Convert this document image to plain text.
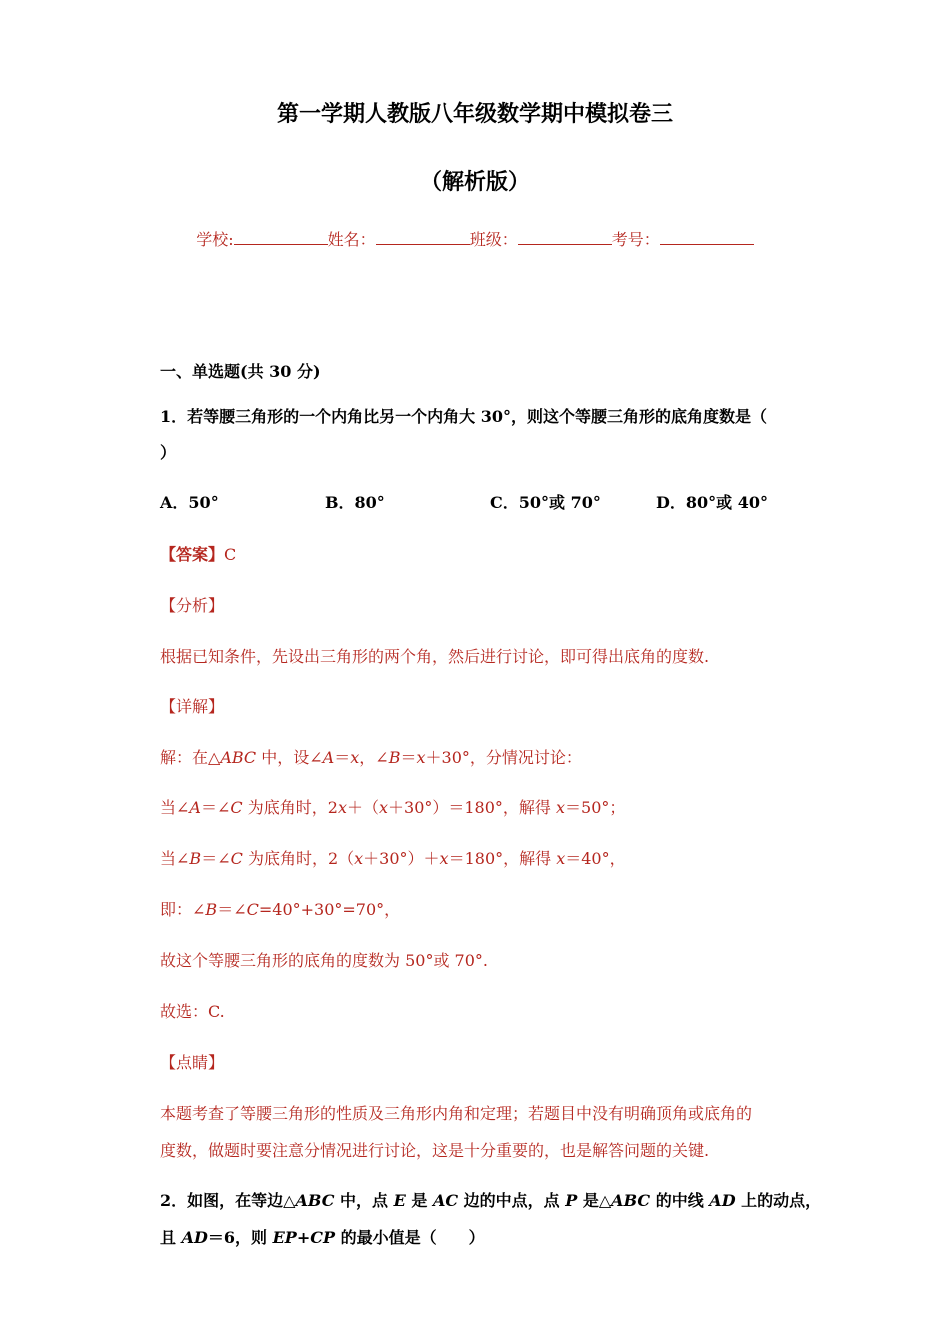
第一学期人教版八年级数学期中模拟卷三
（解析版）
学校:	姓名：	班级：	考号：
一、单选题(共 30 分)
1．若等腰三角形的一个内角比另一个内角大 30°，则这个等腰三角形的底角度数是（
）
A．50°	B．80°	C．50°或 70°	D．80°或 40°
【答案】C
【分析】
根据已知条件，先设出三角形的两个角，然后进行讨论，即可得出底角的度数.
【详解】
解：在△ABC 中，设∠A＝x，∠B＝x＋30°，分情况讨论：
当∠A＝∠C 为底角时，2x＋（x＋30°）＝180°，解得 x＝50°；
当∠B＝∠C 为底角时，2（x＋30°）＋x＝180°，解得 x＝40°，
即：∠B＝∠C=40°+30°=70°，
故这个等腰三角形的底角的度数为 50°或 70°.
故选：C.
【点睛】
本题考查了等腰三角形的性质及三角形内角和定理；若题目中没有明确顶角或底角的
度数，做题时要注意分情况进行讨论，这是十分重要的，也是解答问题的关键.
2．如图，在等边△ABC 中，点 E 是 AC 边的中点，点 P 是△ABC 的中线 AD 上的动点，
且 AD＝6，则 EP+CP 的最小值是（　　）
